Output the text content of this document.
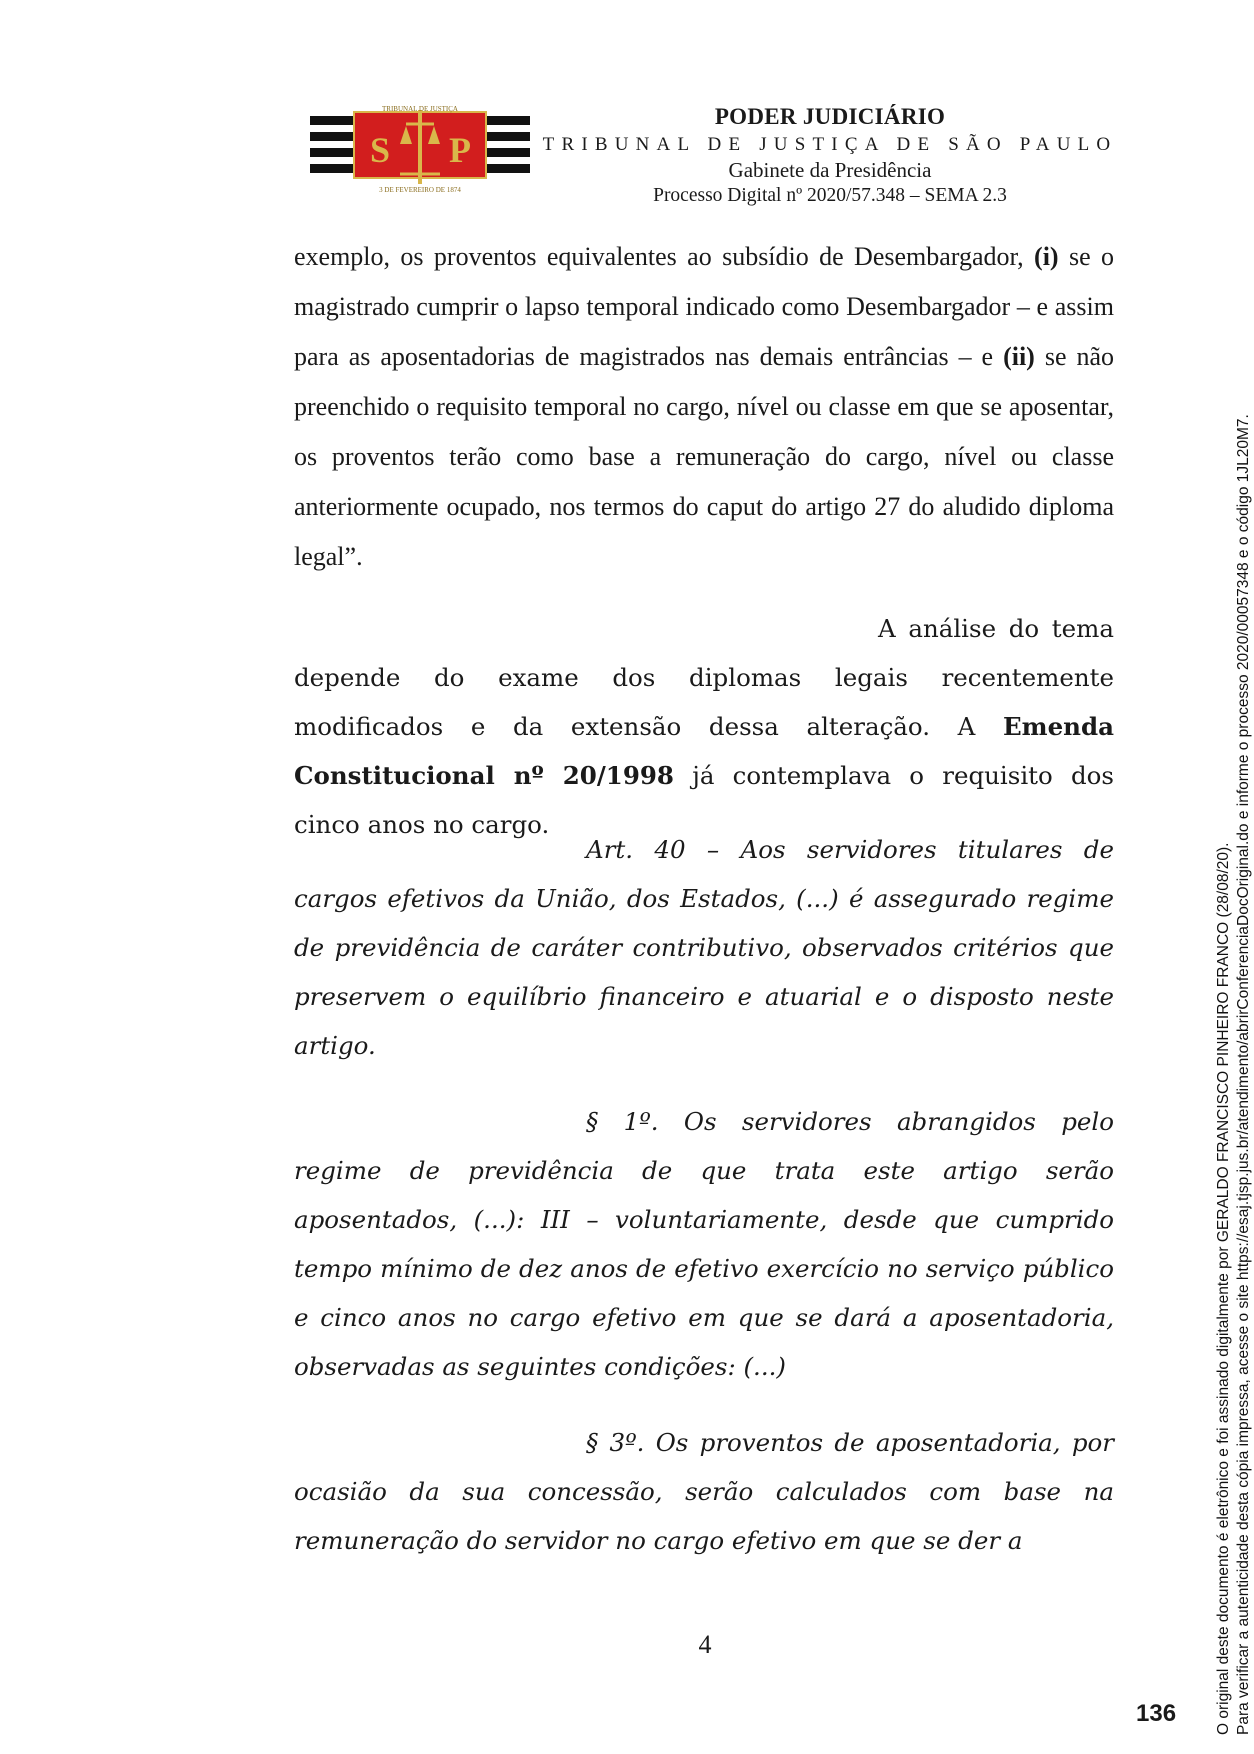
S P
TRIBUNAL DE JUSTIÇA
3 DE FEVEREIRO DE 1874
PODER JUDICIÁRIO
TRIBUNAL DE JUSTIÇA DE SÃO PAULO
Gabinete da Presidência
Processo Digital nº 2020/57.348 – SEMA 2.3

exemplo, os proventos equivalentes ao subsídio de Desembargador, (i) se o magistrado cumprir o lapso temporal indicado como Desembargador – e assim para as aposentadorias de magistrados nas demais entrâncias – e (ii) se não preenchido o requisito temporal no cargo, nível ou classe em que se aposentar, os proventos terão como base a remuneração do cargo, nível ou classe anteriormente ocupado, nos termos do caput do artigo 27 do aludido diploma legal”.

A análise do tema depende do exame dos diplomas legais recentemente modificados e da extensão dessa alteração. A Emenda Constitucional nº 20/1998 já contemplava o requisito dos cinco anos no cargo.

Art. 40 – Aos servidores titulares de cargos efetivos da União, dos Estados, (...) é assegurado regime de previdência de caráter contributivo, observados critérios que preservem o equilíbrio financeiro e atuarial e o disposto neste artigo.

§ 1º. Os servidores abrangidos pelo regime de previdência de que trata este artigo serão aposentados, (...): III – voluntariamente, desde que cumprido tempo mínimo de dez anos de efetivo exercício no serviço público e cinco anos no cargo efetivo em que se dará a aposentadoria, observadas as seguintes condições: (...)

§ 3º. Os proventos de aposentadoria, por ocasião da sua concessão, serão calculados com base na remuneração do servidor no cargo efetivo em que se der a

4	O original deste documento é eletrônico e foi assinado digitalmente por GERALDO FRANCISCO PINHEIRO FRANCO (28/08/20). Para verificar a autenticidade desta cópia impressa, acesse o site https://esaj.tjsp.jus.br/atendimento/abrirConferenciaDocOriginal.do e informe o processo 2020/00057348 e o código 1JL20M7.
136
